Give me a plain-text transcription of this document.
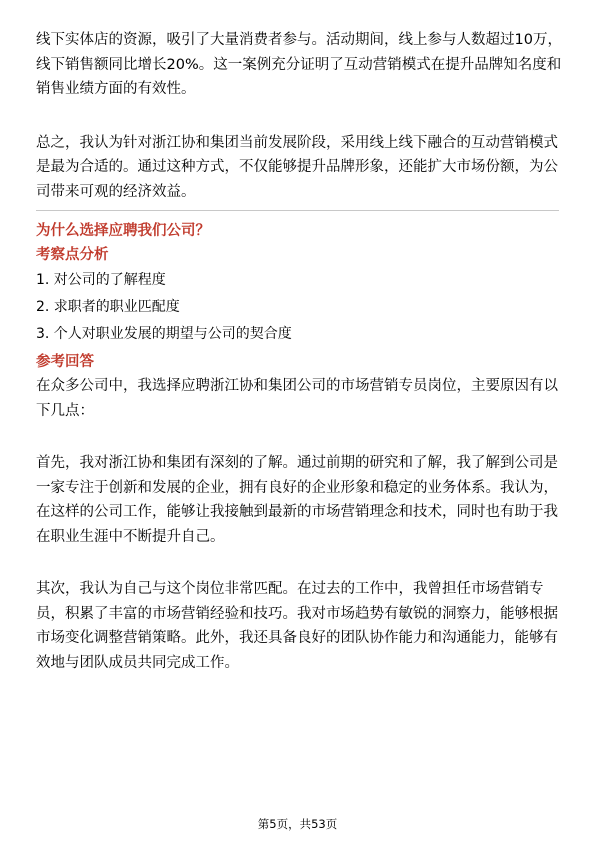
线下实体店的资源，吸引了大量消费者参与。活动期间，线上参与人数超过10万，
线下销售额同比增长20%。这一案例充分证明了互动营销模式在提升品牌知名度和
销售业绩方面的有效性。

总之，我认为针对浙江协和集团当前发展阶段，采用线上线下融合的互动营销模式
是最为合适的。通过这种方式，不仅能够提升品牌形象，还能扩大市场份额，为公
司带来可观的经济效益。

为什么选择应聘我们公司？

考察点分析

1. 对公司的了解程度

2. 求职者的职业匹配度

3. 个人对职业发展的期望与公司的契合度

参考回答

在众多公司中，我选择应聘浙江协和集团公司的市场营销专员岗位，主要原因有以
下几点：

首先，我对浙江协和集团有深刻的了解。通过前期的研究和了解，我了解到公司是
一家专注于创新和发展的企业，拥有良好的企业形象和稳定的业务体系。我认为，
在这样的公司工作，能够让我接触到最新的市场营销理念和技术，同时也有助于我
在职业生涯中不断提升自己。

其次，我认为自己与这个岗位非常匹配。在过去的工作中，我曾担任市场营销专
员，积累了丰富的市场营销经验和技巧。我对市场趋势有敏锐的洞察力，能够根据
市场变化调整营销策略。此外，我还具备良好的团队协作能力和沟通能力，能够有
效地与团队成员共同完成工作。

第5页，共53页
